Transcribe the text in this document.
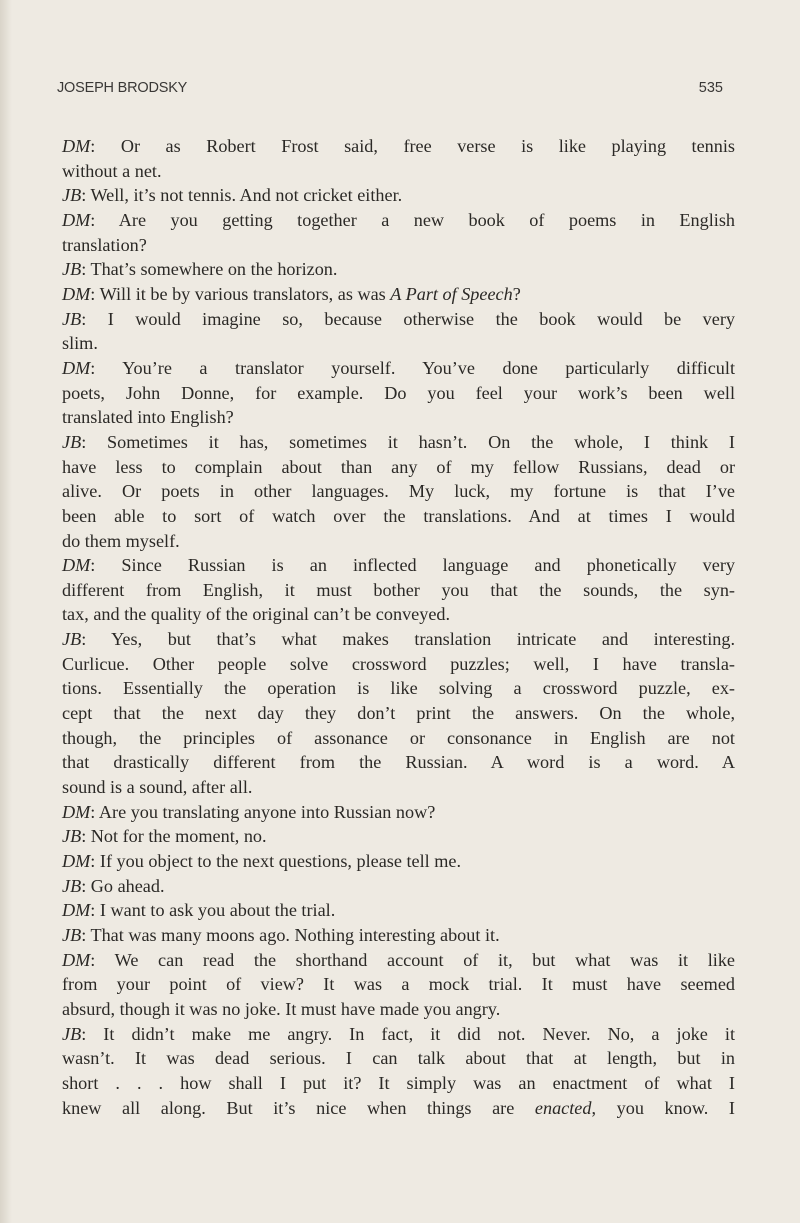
JOSEPH BRODSKY	535
DM: Or as Robert Frost said, free verse is like playing tennis
without a net.
JB: Well, it’s not tennis. And not cricket either.
DM: Are you getting together a new book of poems in English
translation?
JB: That’s somewhere on the horizon.
DM: Will it be by various translators, as was A Part of Speech?
JB: I would imagine so, because otherwise the book would be very
slim.
DM: You’re a translator yourself. You’ve done particularly difficult
poets, John Donne, for example. Do you feel your work’s been well
translated into English?
JB: Sometimes it has, sometimes it hasn’t. On the whole, I think I
have less to complain about than any of my fellow Russians, dead or
alive. Or poets in other languages. My luck, my fortune is that I’ve
been able to sort of watch over the translations. And at times I would
do them myself.
DM: Since Russian is an inflected language and phonetically very
different from English, it must bother you that the sounds, the syn-
tax, and the quality of the original can’t be conveyed.
JB: Yes, but that’s what makes translation intricate and interesting.
Curlicue. Other people solve crossword puzzles; well, I have transla-
tions. Essentially the operation is like solving a crossword puzzle, ex-
cept that the next day they don’t print the answers. On the whole,
though, the principles of assonance or consonance in English are not
that drastically different from the Russian. A word is a word. A
sound is a sound, after all.
DM: Are you translating anyone into Russian now?
JB: Not for the moment, no.
DM: If you object to the next questions, please tell me.
JB: Go ahead.
DM: I want to ask you about the trial.
JB: That was many moons ago. Nothing interesting about it.
DM: We can read the shorthand account of it, but what was it like
from your point of view? It was a mock trial. It must have seemed
absurd, though it was no joke. It must have made you angry.
JB: It didn’t make me angry. In fact, it did not. Never. No, a joke it
wasn’t. It was dead serious. I can talk about that at length, but in
short . . . how shall I put it? It simply was an enactment of what I
knew all along. But it’s nice when things are enacted, you know. I
